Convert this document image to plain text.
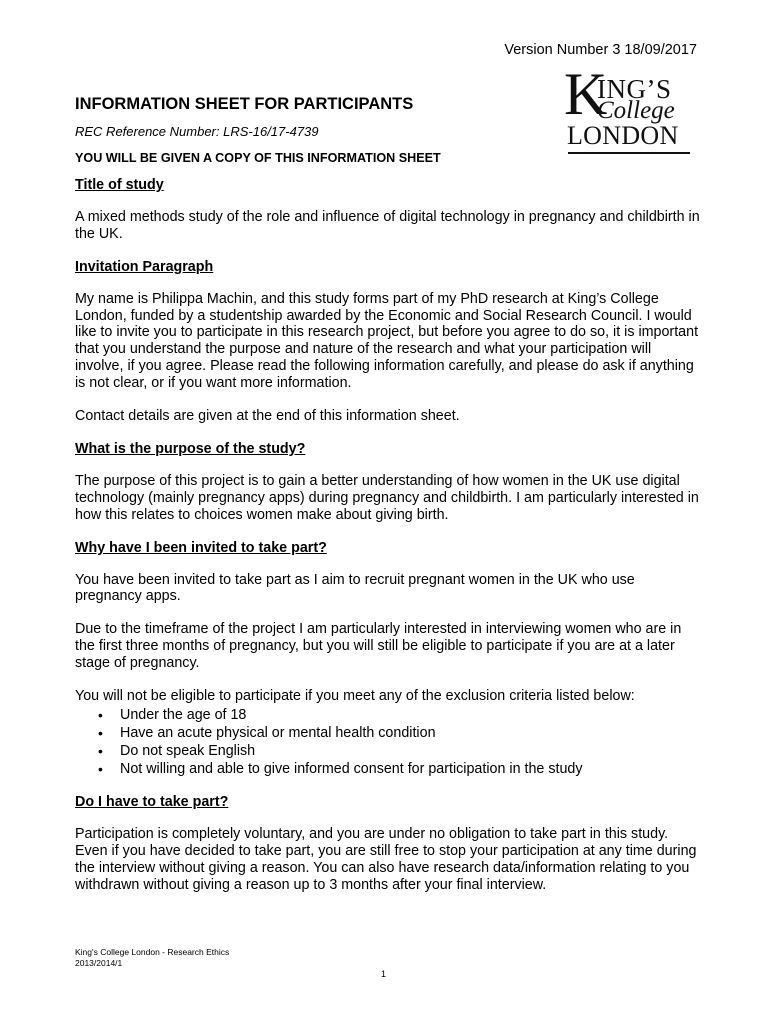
Version Number 3 18/09/2017
K
ING’S
College
LONDON
INFORMATION SHEET FOR PARTICIPANTS
REC Reference Number: LRS-16/17-4739
YOU WILL BE GIVEN A COPY OF THIS INFORMATION SHEET
Title of study

A mixed methods study of the role and influence of digital technology in pregnancy and childbirth in the UK.

Invitation Paragraph

My name is Philippa Machin, and this study forms part of my PhD research at King’s College London, funded by a studentship awarded by the Economic and Social Research Council. I would like to invite you to participate in this research project, but before you agree to do so, it is important that you understand the purpose and nature of the research and what your participation will involve, if you agree. Please read the following information carefully, and please do ask if anything is not clear, or if you want more information.

Contact details are given at the end of this information sheet.

What is the purpose of the study?

The purpose of this project is to gain a better understanding of how women in the UK use digital technology (mainly pregnancy apps) during pregnancy and childbirth. I am particularly interested in how this relates to choices women make about giving birth.

Why have I been invited to take part?

You have been invited to take part as I aim to recruit pregnant women in the UK who use pregnancy apps.

Due to the timeframe of the project I am particularly interested in interviewing women who are in the first three months of pregnancy, but you will still be eligible to participate if you are at a later stage of pregnancy.

You will not be eligible to participate if you meet any of the exclusion criteria listed below:

• Under the age of 18
• Have an acute physical or mental health condition
• Do not speak English
• Not willing and able to give informed consent for participation in the study
Do I have to take part?

Participation is completely voluntary, and you are under no obligation to take part in this study. Even if you have decided to take part, you are still free to stop your participation at any time during the interview without giving a reason. You can also have research data/information relating to you withdrawn without giving a reason up to 3 months after your final interview.

King's College London - Research Ethics
2013/2014/1
1
